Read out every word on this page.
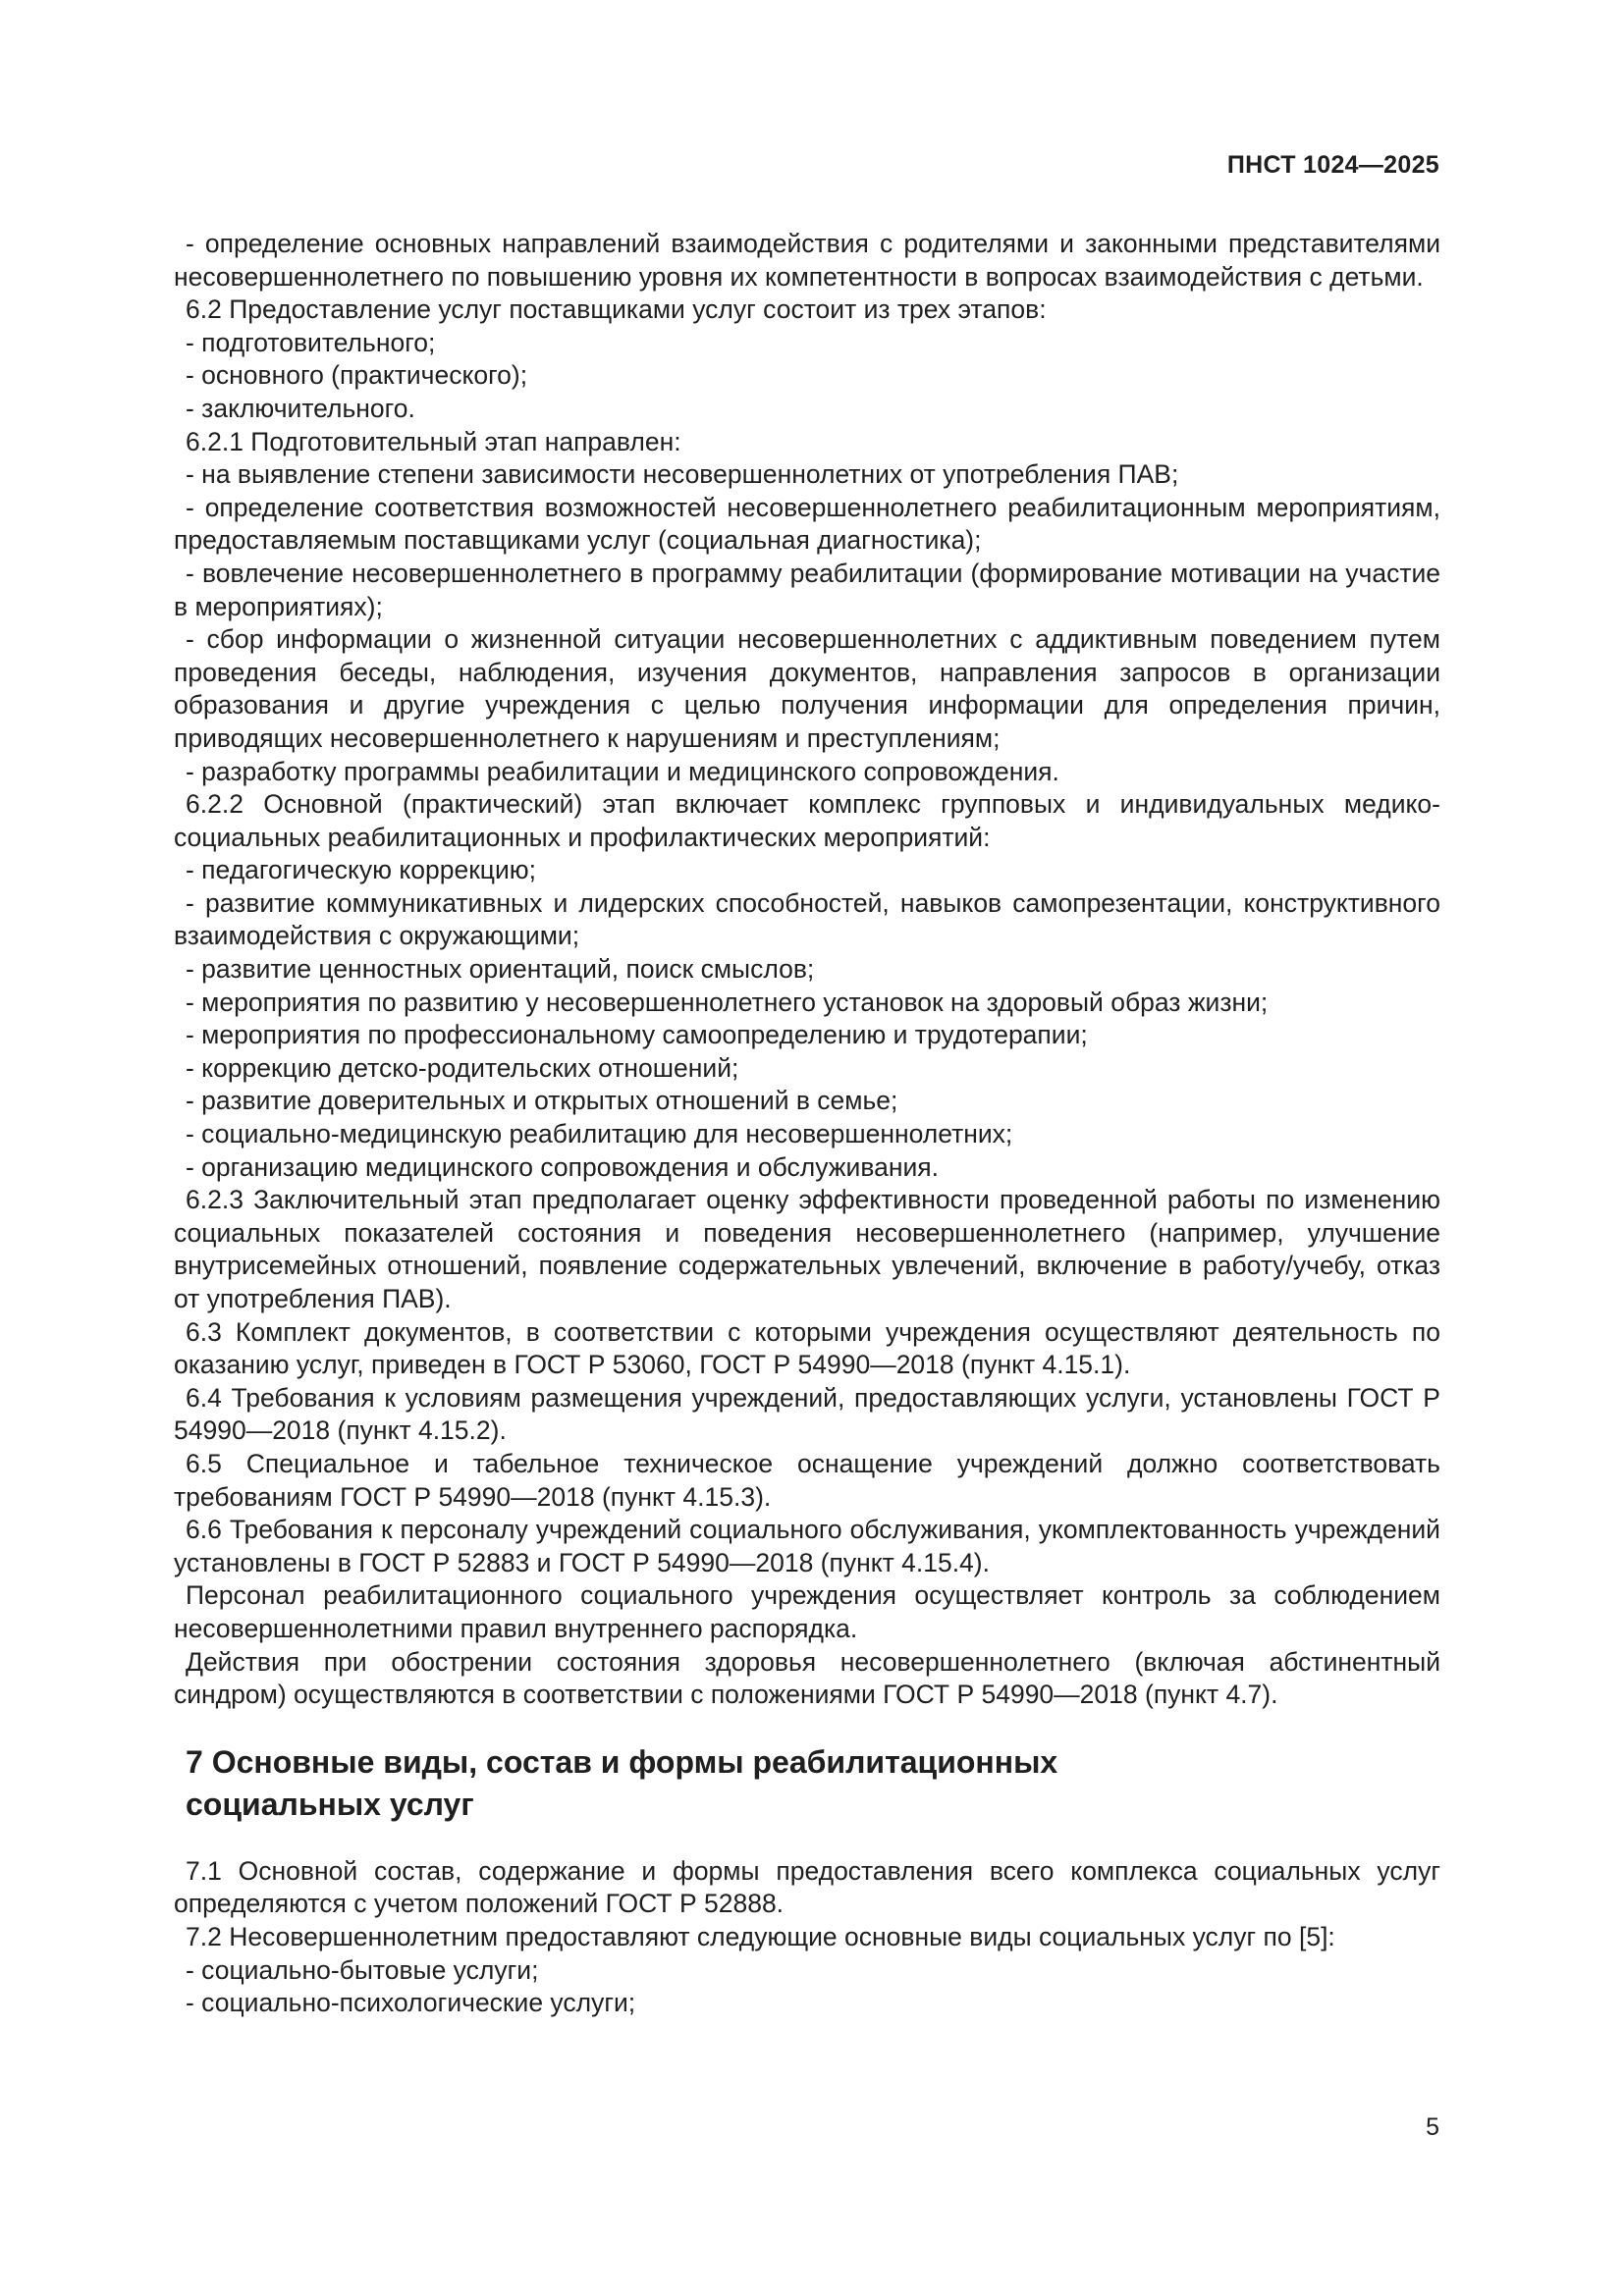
ПНСТ 1024—2025

- определение основных направлений взаимодействия с родителями и законными представителями несовершеннолетнего по повышению уровня их компетентности в вопросах взаимодействия с детьми.

6.2 Предоставление услуг поставщиками услуг состоит из трех этапов:

- подготовительного;

- основного (практического);

- заключительного.

6.2.1 Подготовительный этап направлен:

- на выявление степени зависимости несовершеннолетних от употребления ПАВ;

- определение соответствия возможностей несовершеннолетнего реабилитационным мероприятиям, предоставляемым поставщиками услуг (социальная диагностика);

- вовлечение несовершеннолетнего в программу реабилитации (формирование мотивации на участие в мероприятиях);

- сбор информации о жизненной ситуации несовершеннолетних с аддиктивным поведением путем проведения беседы, наблюдения, изучения документов, направления запросов в организации образования и другие учреждения с целью получения информации для определения причин, приводящих несовершеннолетнего к нарушениям и преступлениям;

- разработку программы реабилитации и медицинского сопровождения.

6.2.2 Основной (практический) этап включает комплекс групповых и индивидуальных медико-социальных реабилитационных и профилактических мероприятий:

- педагогическую коррекцию;

- развитие коммуникативных и лидерских способностей, навыков самопрезентации, конструктивного взаимодействия с окружающими;

- развитие ценностных ориентаций, поиск смыслов;

- мероприятия по развитию у несовершеннолетнего установок на здоровый образ жизни;

- мероприятия по профессиональному самоопределению и трудотерапии;

- коррекцию детско-родительских отношений;

- развитие доверительных и открытых отношений в семье;

- социально-медицинскую реабилитацию для несовершеннолетних;

- организацию медицинского сопровождения и обслуживания.

6.2.3 Заключительный этап предполагает оценку эффективности проведенной работы по изменению социальных показателей состояния и поведения несовершеннолетнего (например, улучшение внутрисемейных отношений, появление содержательных увлечений, включение в работу/учебу, отказ от употребления ПАВ).

6.3 Комплект документов, в соответствии с которыми учреждения осуществляют деятельность по оказанию услуг, приведен в ГОСТ Р 53060, ГОСТ Р 54990—2018 (пункт 4.15.1).

6.4 Требования к условиям размещения учреждений, предоставляющих услуги, установлены ГОСТ Р 54990—2018 (пункт 4.15.2).

6.5 Специальное и табельное техническое оснащение учреждений должно соответствовать требованиям ГОСТ Р 54990—2018 (пункт 4.15.3).

6.6 Требования к персоналу учреждений социального обслуживания, укомплектованность учреждений установлены в ГОСТ Р 52883 и ГОСТ Р 54990—2018 (пункт 4.15.4).

Персонал реабилитационного социального учреждения осуществляет контроль за соблюдением несовершеннолетними правил внутреннего распорядка.

Действия при обострении состояния здоровья несовершеннолетнего (включая абстинентный синдром) осуществляются в соответствии с положениями ГОСТ Р 54990—2018 (пункт 4.7).

7 Основные виды, состав и формы реабилитационных социальных услуг

7.1 Основной состав, содержание и формы предоставления всего комплекса социальных услуг определяются с учетом положений ГОСТ Р 52888.

7.2 Несовершеннолетним предоставляют следующие основные виды социальных услуг по [5]:

- социально-бытовые услуги;

- социально-психологические услуги;

5
